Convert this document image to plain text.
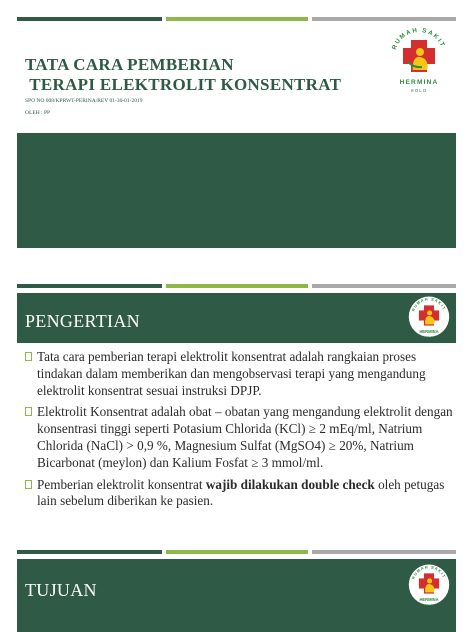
TATA CARA PEMBERIAN
TERAPI ELEKTROLIT KONSENTRAT
SPO NO 008/KPRWT-PERINA/REV 01-30-01-2019
OLEH : PP
RUMAH SAKIT
HERMINA
SOLO
PENGERTIAN
RUMAH SAKIT
HERMINA
SOLO
Tata cara pemberian terapi elektrolit konsentrat adalah rangkaian proses tindakan dalam memberikan dan mengobservasi terapi yang mengandung elektrolit konsentrat sesuai instruksi DPJP.
Elektrolit Konsentrat adalah obat – obatan yang mengandung elektrolit dengan konsentrasi tinggi seperti Potasium Chlorida (KCl) ≥ 2 mEq/ml, Natrium Chlorida (NaCl) > 0,9 %, Magnesium Sulfat (MgSO4) ≥ 20%, Natrium Bicarbonat (meylon) dan Kalium Fosfat ≥ 3 mmol/ml.
Pemberian elektrolit konsentrat wajib dilakukan double check oleh petugas lain sebelum diberikan ke pasien.
TUJUAN
RUMAH SAKIT
HERMINA
SOLO
